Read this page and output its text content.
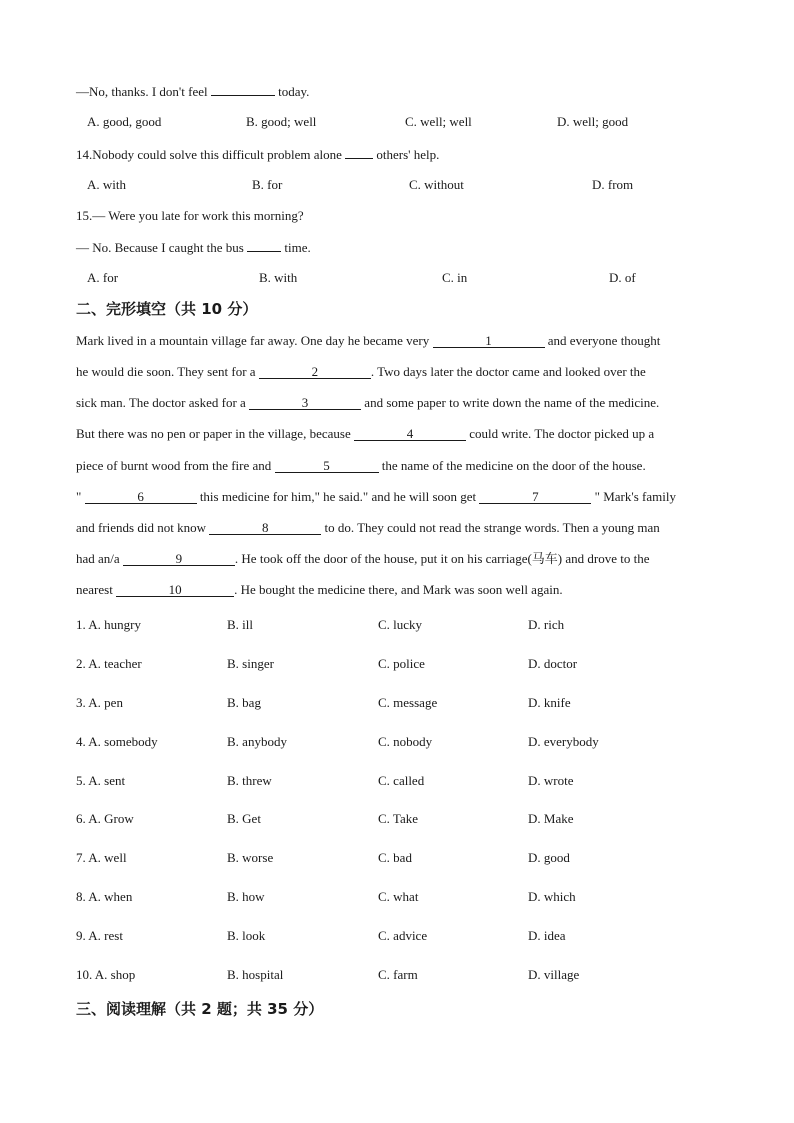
—No, thanks. I don't feel	today.
A. good, good	B. good; well	C. well; well	D. well; good
14.Nobody could solve this difficult problem alone  others' help.
A. with	B. for	C. without	D. from
15.— Were you late for work this morning?
— No. Because I caught the bus	time.
A. for	B. with	C. in	D. of
二、完形填空（共 10 分）
Mark lived in a mountain village far away. One day he became very	1	and everyone thought
he would die soon. They sent for a	2	. Two days later the doctor came and looked over the
sick man. The doctor asked for a	3	and some paper to write down the name of the medicine.
But there was no pen or paper in the village, because	4	could write. The doctor picked up a
piece of burnt wood from the fire and	5	the name of the medicine on the door of the house.
"	6	this medicine for him," he said." and he will soon get	7	" Mark's family
and friends did not know	8	to do. They could not read the strange words. Then a young man
had an/a	9	. He took off the door of the house, put it on his carriage(马车) and drove to the
nearest	10	. He bought the medicine there, and Mark was soon well again.
1. A. hungry	B. ill	C. lucky	D. rich
2. A. teacher	B. singer	C. police	D. doctor
3. A. pen	B. bag	C. message	D. knife
4. A. somebody	B. anybody	C. nobody	D. everybody
5. A. sent	B. threw	C. called	D. wrote
6. A. Grow	B. Get	C. Take	D. Make
7. A. well	B. worse	C. bad	D. good
8. A. when	B. how	C. what	D. which
9. A. rest	B. look	C. advice	D. idea
10. A. shop	B. hospital	C. farm	D. village
三、阅读理解（共 2 题；共 35 分）
